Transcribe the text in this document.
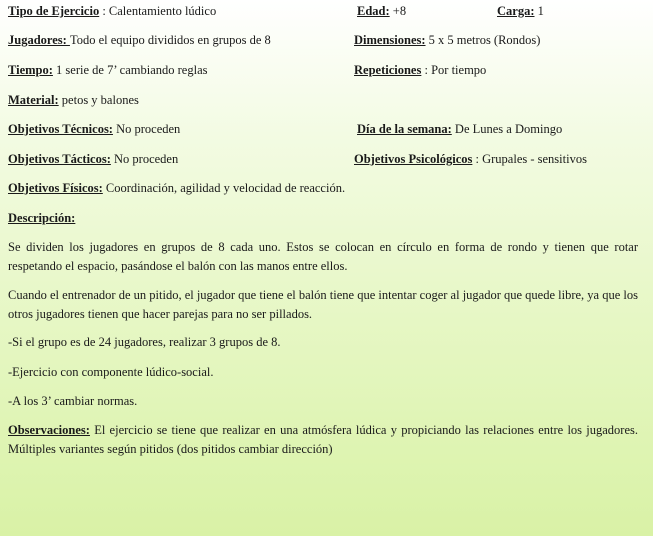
Tipo de Ejercicio : Calentamiento lúdico	Edad: +8	Carga: 1
Jugadores: Todo el equipo divididos en grupos de 8	Dimensiones: 5 x 5 metros (Rondos)
Tiempo: 1 serie de 7’ cambiando reglas	Repeticiones : Por tiempo
Material: petos y balones
Objetivos Técnicos: No proceden	Día de la semana: De Lunes a Domingo
Objetivos Tácticos: No proceden	Objetivos Psicológicos : Grupales - sensitivos
Objetivos Físicos: Coordinación, agilidad y velocidad de reacción.
Descripción:
Se dividen los jugadores en grupos de 8 cada uno. Estos se colocan en círculo en forma de rondo y tienen que rotar respetando el espacio, pasándose el balón con las manos entre ellos.
Cuando el entrenador de un pitido, el jugador que tiene el balón tiene que intentar coger al jugador que quede libre, ya que los otros jugadores tienen que hacer parejas para no ser pillados.
-Si el grupo es de 24 jugadores, realizar 3 grupos de 8.
-Ejercicio con componente lúdico-social.
-A los 3’ cambiar normas.
Observaciones: El ejercicio se tiene que realizar en una atmósfera lúdica y propiciando las relaciones entre los jugadores. Múltiples variantes según pitidos (dos pitidos cambiar dirección)
